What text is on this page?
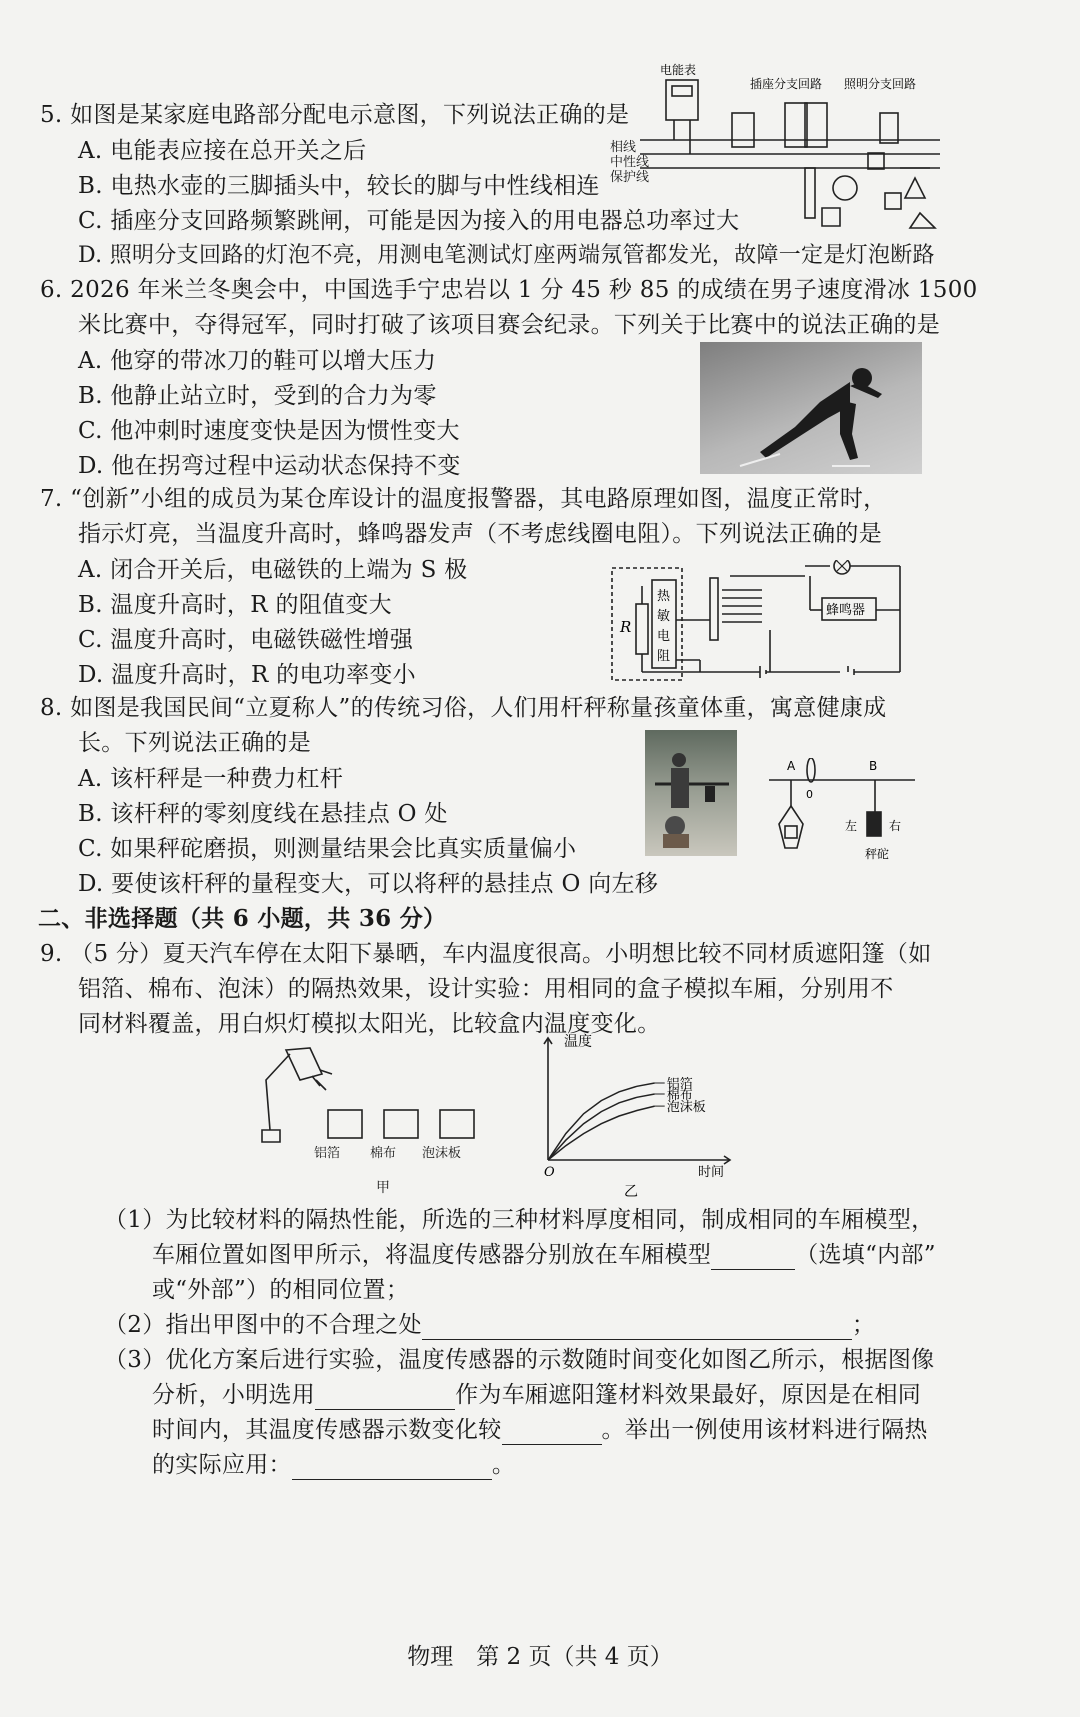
5. 如图是某家庭电路部分配电示意图，下列说法正确的是
A. 电能表应接在总开关之后
B. 电热水壶的三脚插头中，较长的脚与中性线相连
C. 插座分支回路频繁跳闸，可能是因为接入的用电器总功率过大
D. 照明分支回路的灯泡不亮，用测电笔测试灯座两端氖管都发光，故障一定是灯泡断路
电能表
插座分支回路 照明分支回路
相线
中性线
保护线
6. 2026 年米兰冬奥会中，中国选手宁忠岩以 1 分 45 秒 85 的成绩在男子速度滑冰 1500
米比赛中，夺得冠军，同时打破了该项目赛会纪录。下列关于比赛中的说法正确的是
A. 他穿的带冰刀的鞋可以增大压力
B. 他静止站立时，受到的合力为零
C. 他冲刺时速度变快是因为惯性变大
D. 他在拐弯过程中运动状态保持不变
7. “创新”小组的成员为某仓库设计的温度报警器，其电路原理如图，温度正常时，
指示灯亮，当温度升高时，蜂鸣器发声（不考虑线圈电阻）。下列说法正确的是
A. 闭合开关后，电磁铁的上端为 S 极
B. 温度升高时，R 的阻值变大
C. 温度升高时，电磁铁磁性增强
D. 温度升高时，R 的电功率变小
R
热
敏
电
阻
蜂鸣器
8. 如图是我国民间“立夏称人”的传统习俗，人们用杆秤称量孩童体重，寓意健康成
长。下列说法正确的是
A. 该杆秤是一种费力杠杆
B. 该杆秤的零刻度线在悬挂点 O 处
C. 如果秤砣磨损，则测量结果会比真实质量偏小
D. 要使该杆秤的量程变大，可以将秤的悬挂点 O 向左移
A	B
0
左	右
秤砣
二、非选择题（共 6 小题，共 36 分）
9. （5 分）夏天汽车停在太阳下暴晒，车内温度很高。小明想比较不同材质遮阳篷（如
铝箔、棉布、泡沫）的隔热效果，设计实验：用相同的盒子模拟车厢，分别用不
同材料覆盖，用白炽灯模拟太阳光，比较盒内温度变化。
铝箔 棉布 泡沫板
甲
铝箔
棉布
泡沫板
温度
时间
O
乙
（1）为比较材料的隔热性能，所选的三种材料厚度相同，制成相同的车厢模型，
车厢位置如图甲所示，将温度传感器分别放在车厢模型	（选填“内部”
或“外部”）的相同位置；
（2）指出甲图中的不合理之处	；
（3）优化方案后进行实验，温度传感器的示数随时间变化如图乙所示，根据图像
分析，小明选用	作为车厢遮阳篷材料效果最好，原因是在相同
时间内，其温度传感器示数变化较	。举出一例使用该材料进行隔热
的实际应用：	。
物理　第 2 页（共 4 页）
